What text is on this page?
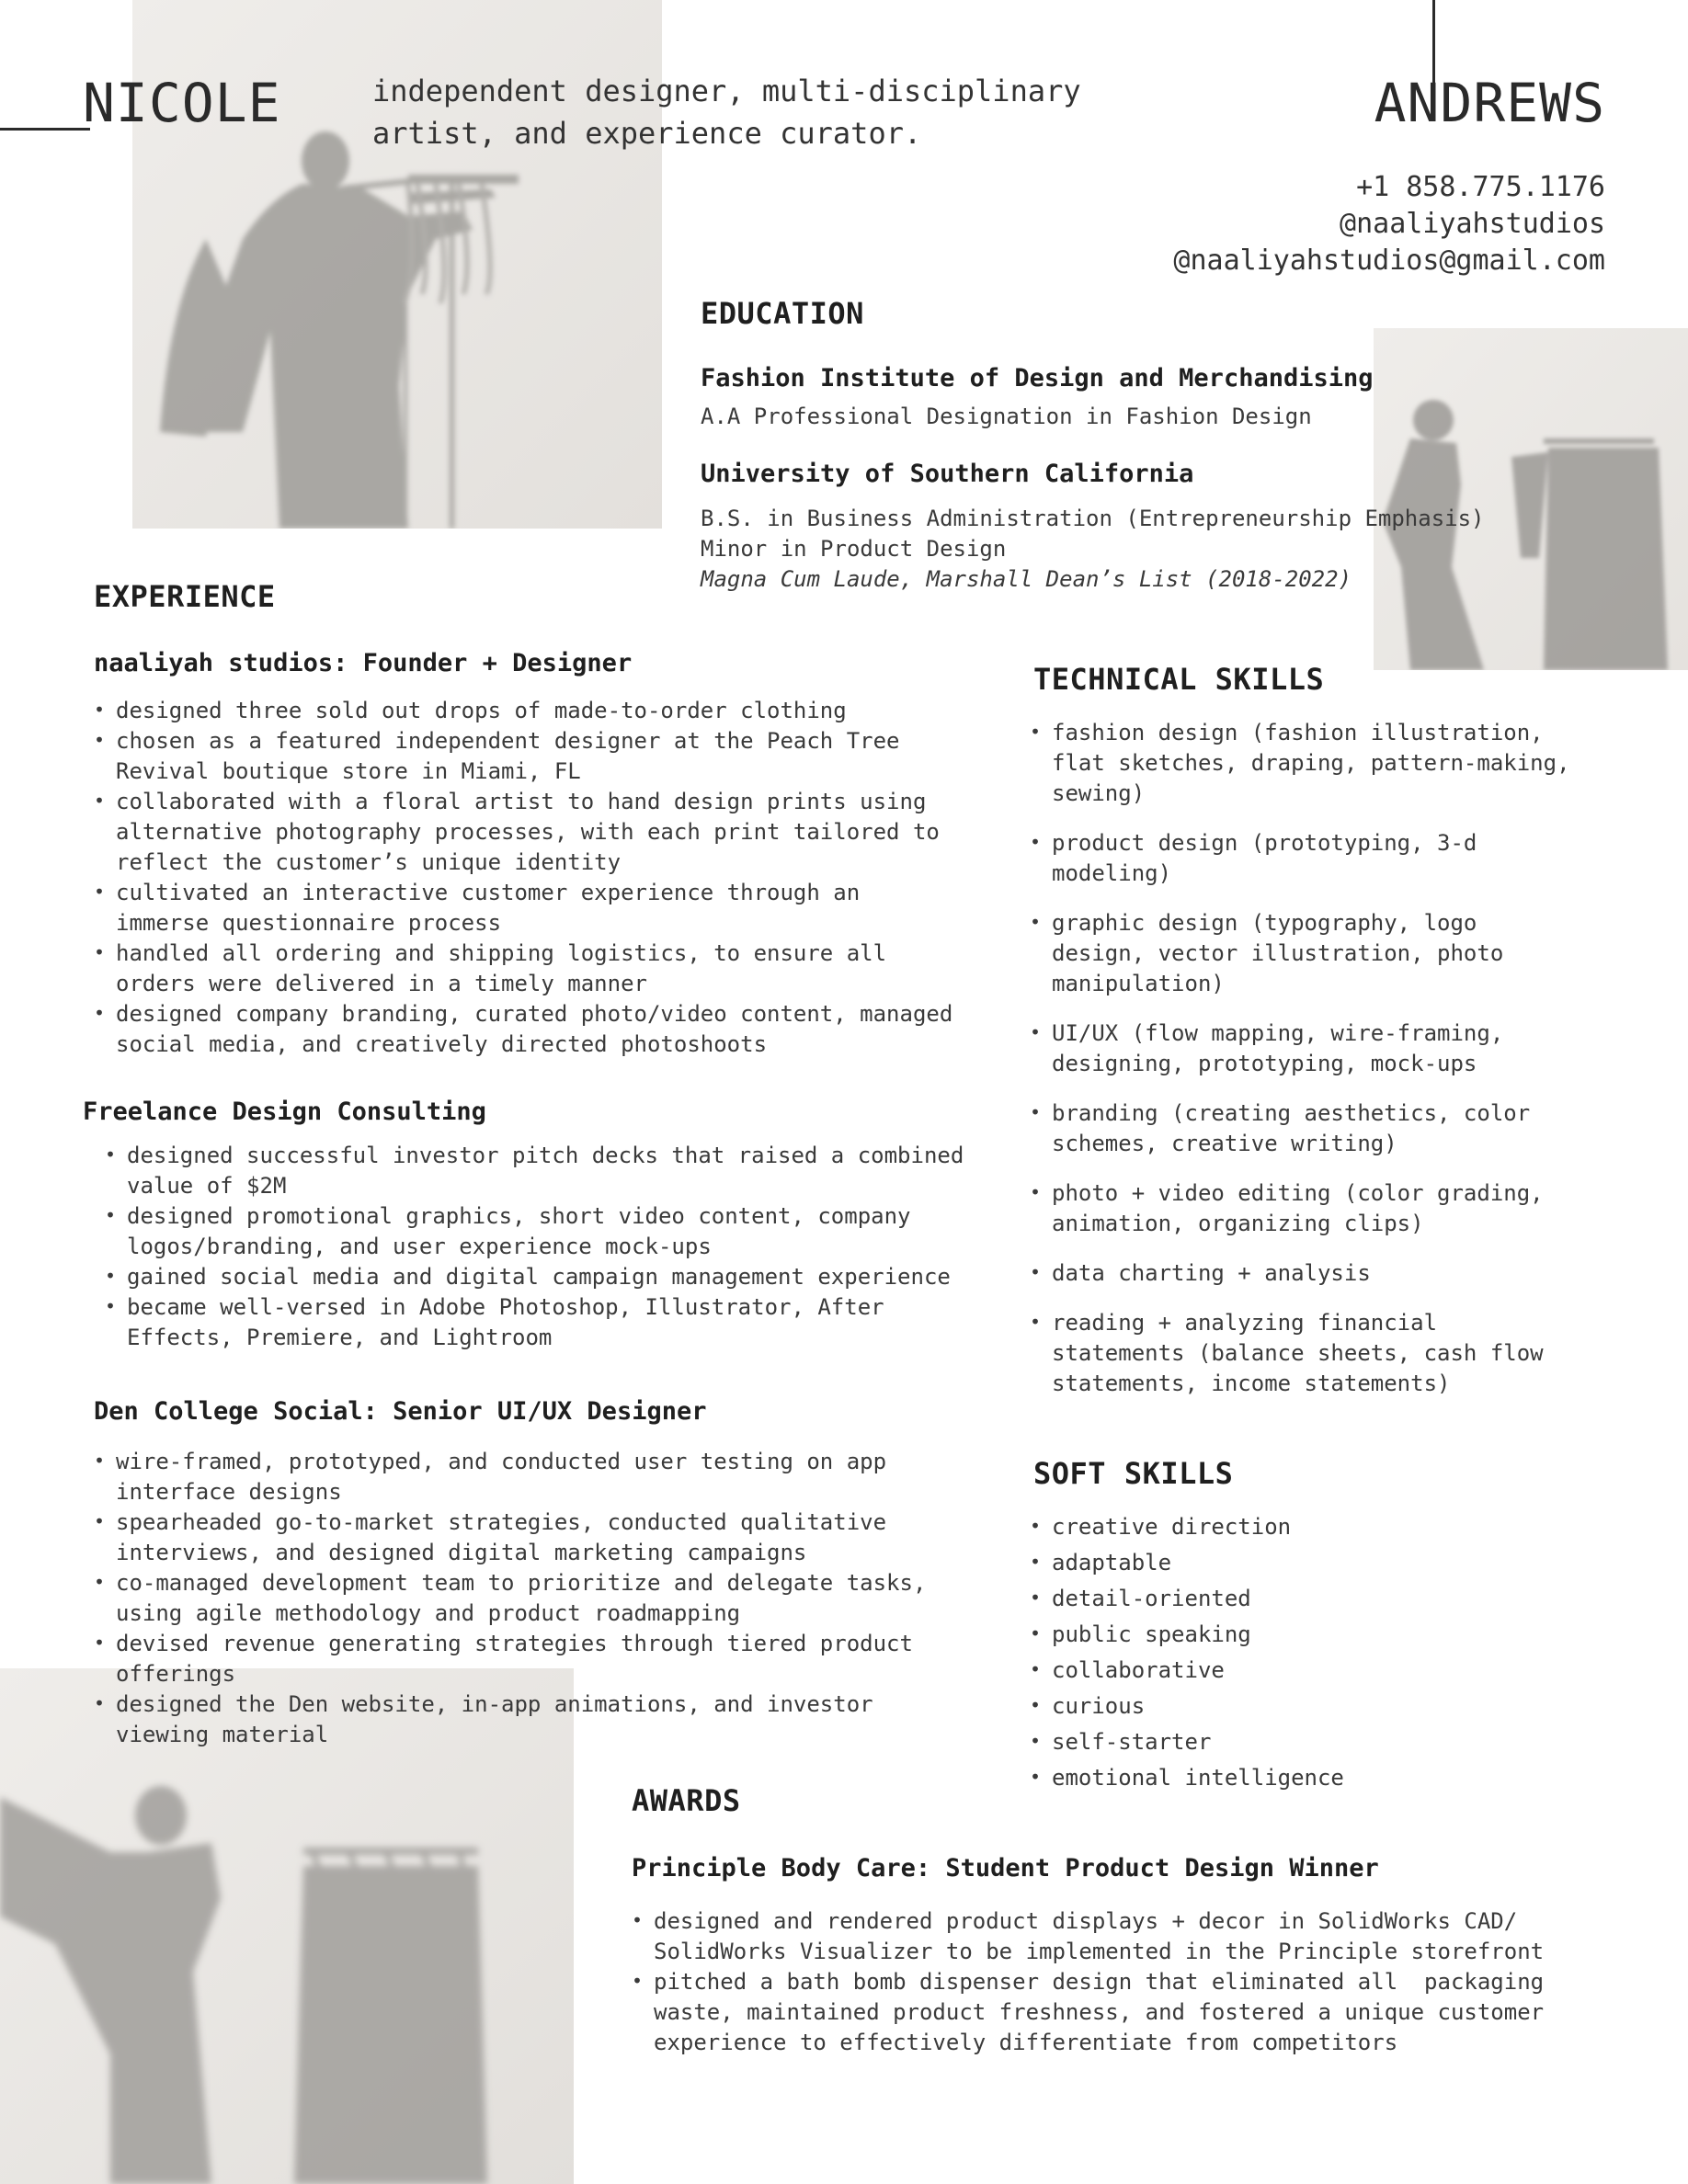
NICOLE	ANDREWS
independent designer, multi-disciplinary
artist, and experience curator.
+1 858.775.1176
@naaliyahstudios
@naaliyahstudios@gmail.com
EDUCATION
Fashion Institute of Design and Merchandising
A.A Professional Designation in Fashion Design
University of Southern California
B.S. in Business Administration (Entrepreneurship Emphasis)
Minor in Product Design
Magna Cum Laude, Marshall Dean’s List (2018-2022)
EXPERIENCE
naaliyah studios: Founder + Designer
• designed three sold out drops of made-to-order clothing
• chosen as a featured independent designer at the Peach Tree
Revival boutique store in Miami, FL
• collaborated with a floral artist to hand design prints using
alternative photography processes, with each print tailored to
reflect the customer’s unique identity
• cultivated an interactive customer experience through an
immerse questionnaire process
• handled all ordering and shipping logistics, to ensure all
orders were delivered in a timely manner
• designed company branding, curated photo/video content, managed
social media, and creatively directed photoshoots
Freelance Design Consulting
• designed successful investor pitch decks that raised a combined
value of $2M
• designed promotional graphics, short video content, company
logos/branding, and user experience mock-ups
• gained social media and digital campaign management experience
• became well-versed in Adobe Photoshop, Illustrator, After
Effects, Premiere, and Lightroom
Den College Social: Senior UI/UX Designer
• wire-framed, prototyped, and conducted user testing on app
interface designs
• spearheaded go-to-market strategies, conducted qualitative
interviews, and designed digital marketing campaigns
• co-managed development team to prioritize and delegate tasks,
using agile methodology and product roadmapping
• devised revenue generating strategies through tiered product
offerings
• designed the Den website, in-app animations, and investor
viewing material
TECHNICAL SKILLS
• fashion design (fashion illustration,
flat sketches, draping, pattern-making,
sewing)
• product design (prototyping, 3-d
modeling)
• graphic design (typography, logo
design, vector illustration, photo
manipulation)
• UI/UX (flow mapping, wire-framing,
designing, prototyping, mock-ups
• branding (creating aesthetics, color
schemes, creative writing)
• photo + video editing (color grading,
animation, organizing clips)
• data charting + analysis
• reading + analyzing financial
statements (balance sheets, cash flow
statements, income statements)
SOFT SKILLS
• creative direction
• adaptable
• detail-oriented
• public speaking
• collaborative
• curious
• self-starter
• emotional intelligence
AWARDS
Principle Body Care: Student Product Design Winner
• designed and rendered product displays + decor in SolidWorks CAD/
SolidWorks Visualizer to be implemented in the Principle storefront
• pitched a bath bomb dispenser design that eliminated all  packaging
waste, maintained product freshness, and fostered a unique customer
experience to effectively differentiate from competitors
